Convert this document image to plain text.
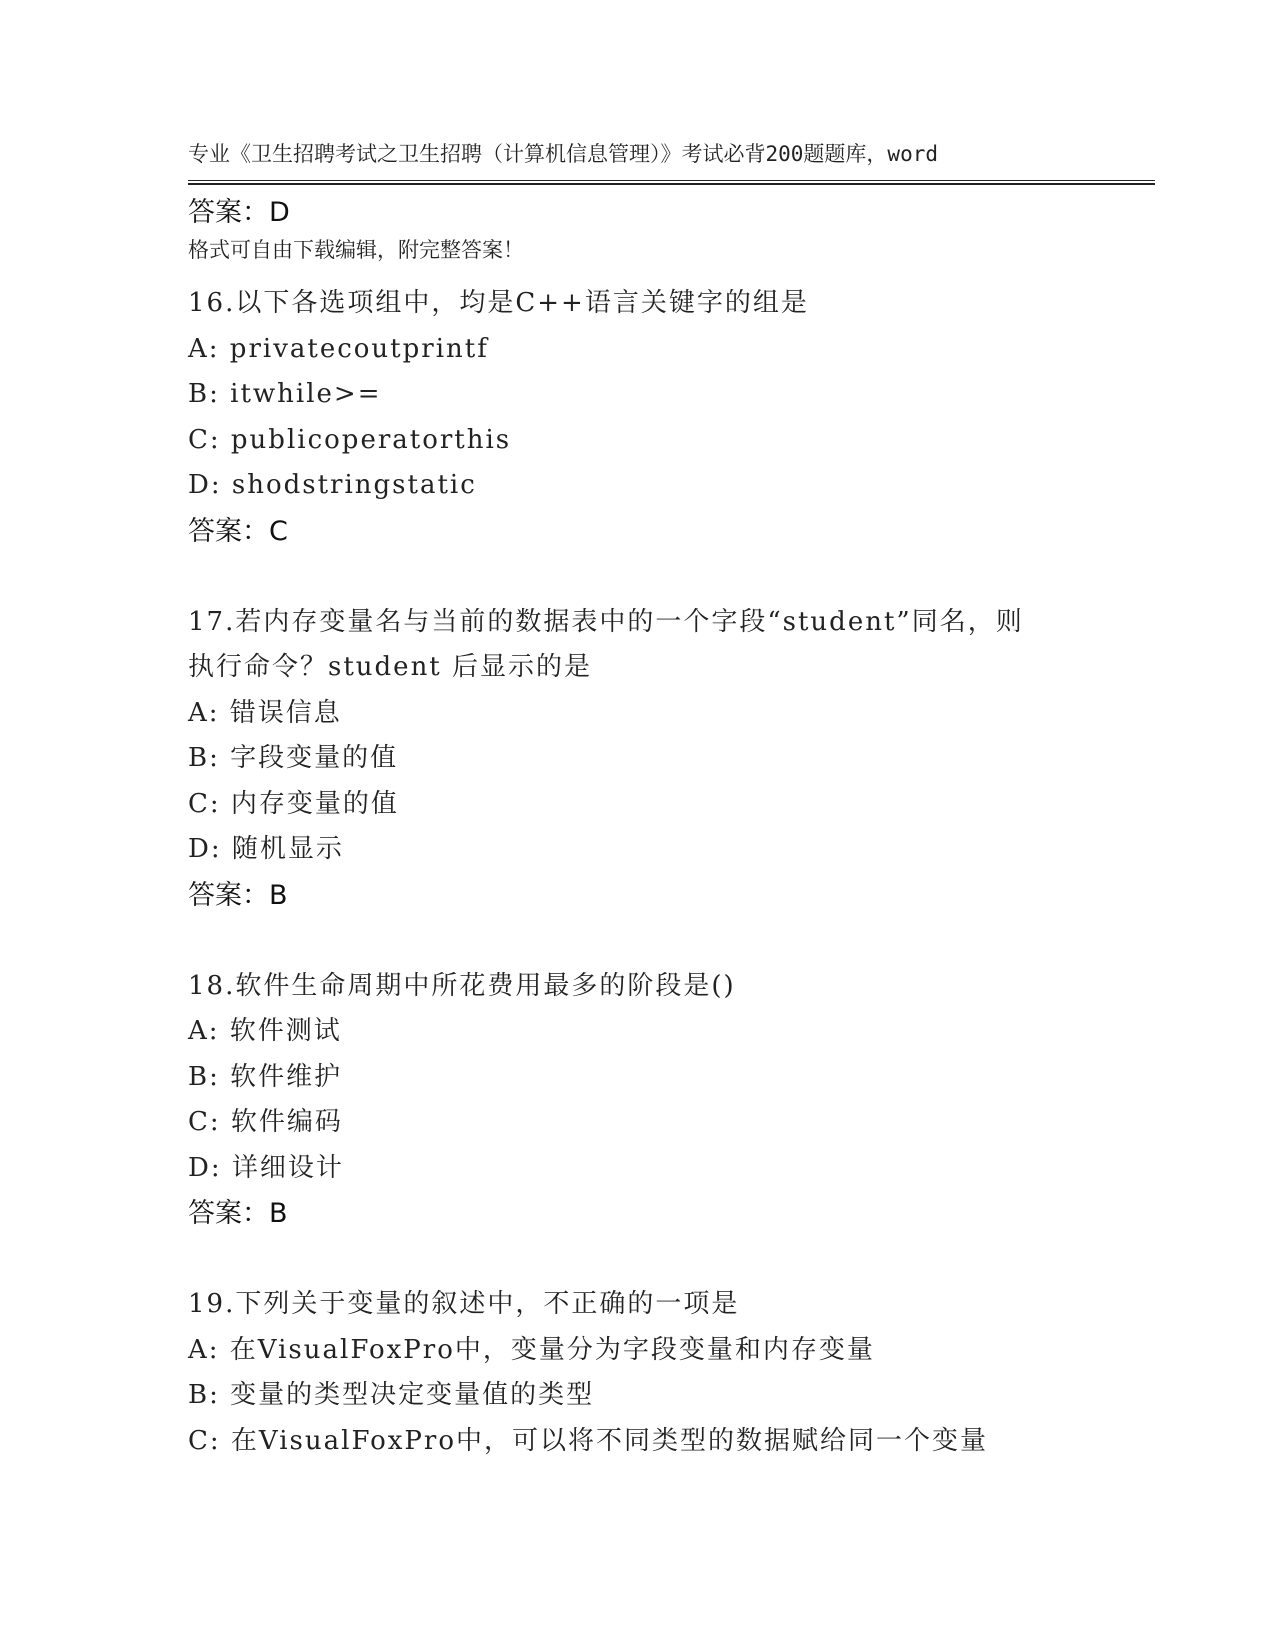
专业《卫生招聘考试之卫生招聘（计算机信息管理）》考试必背200题题库，word

格式可自由下载编辑，附完整答案！

答案：D
16.以下各选项组中，均是C++语言关键字的组是
A: privatecoutprintf
B: itwhile>=
C: publicoperatorthis
D: shodstringstatic
答案：C
17.若内存变量名与当前的数据表中的一个字段“student”同名，则执行命令？student 后显示的是
A: 错误信息
B: 字段变量的值
C: 内存变量的值
D: 随机显示
答案：B
18.软件生命周期中所花费用最多的阶段是()
A: 软件测试
B: 软件维护
C: 软件编码
D: 详细设计
答案：B
19.下列关于变量的叙述中，不正确的一项是
A: 在VisualFoxPro中，变量分为字段变量和内存变量
B: 变量的类型决定变量值的类型
C: 在VisualFoxPro中，可以将不同类型的数据赋给同一个变量
